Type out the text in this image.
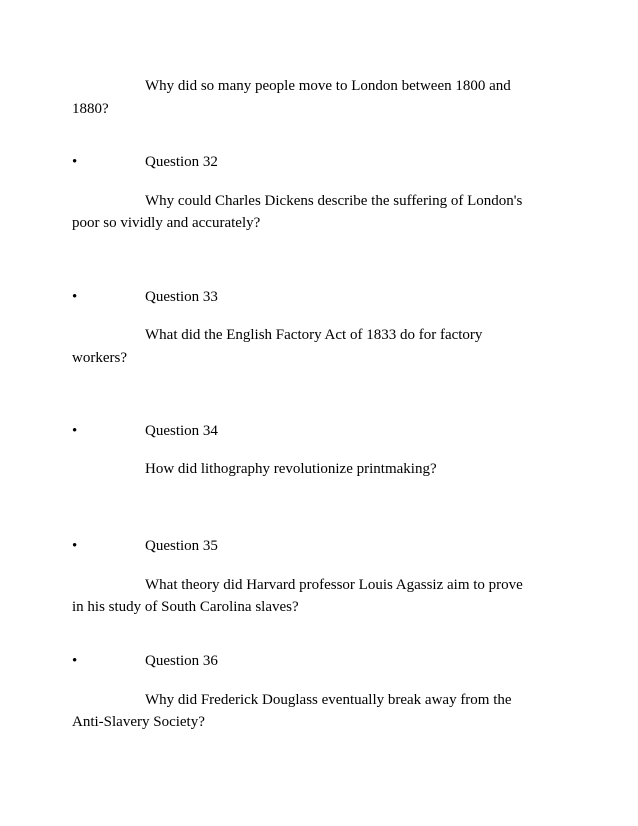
Why did so many people move to London between 1800 and
1880?
•	Question 32
Why could Charles Dickens describe the suffering of London's
poor so vividly and accurately?
•	Question 33
What did the English Factory Act of 1833 do for factory
workers?
•	Question 34
How did lithography revolutionize printmaking?
•	Question 35
What theory did Harvard professor Louis Agassiz aim to prove
in his study of South Carolina slaves?
•	Question 36
Why did Frederick Douglass eventually break away from the
Anti-Slavery Society?
